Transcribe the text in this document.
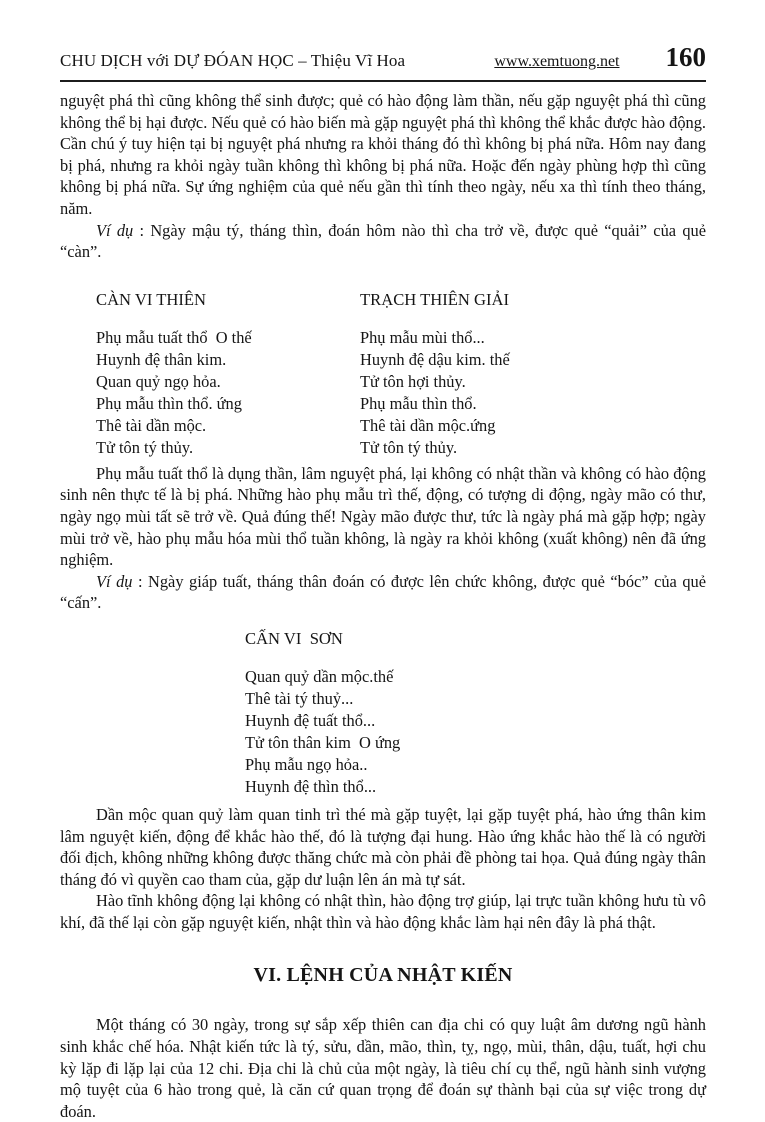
CHU DỊCH với DỰ ĐÓAN HỌC – Thiệu Vĩ Hoa	www.xemtuong.net 160

nguyệt phá thì cũng không thể sinh được; quẻ có hào động làm thần, nếu gặp nguyệt phá thì cũng không thể bị hại được. Nếu quẻ có hào biến mà gặp nguyệt phá thì không thể khắc được hào động. Cần chú ý tuy hiện tại bị nguyệt phá nhưng ra khỏi tháng đó thì không bị phá nữa. Hôm nay đang bị phá, nhưng ra khỏi ngày tuần không thì không bị phá nữa. Hoặc đến ngày phùng hợp thì cũng không bị phá nữa. Sự ứng nghiệm của quẻ nếu gần thì tính theo ngày, nếu xa thì tính theo tháng, năm.

Ví dụ : Ngày mậu tý, tháng thìn, đoán hôm nào thì cha trở về, được quẻ “quải” của quẻ “càn”.

CÀN VI THIÊN
Phụ mẫu tuất thổ  O thế
Huynh đệ thân kim.
Quan quỷ ngọ hỏa.
Phụ mẫu thìn thổ. ứng
Thê tài dần mộc.
Tử tôn tý thủy.
TRẠCH THIÊN GIẢI
Phụ mẫu mùi thổ...
Huynh đệ dậu kim. thế
Tử tôn hợi thủy.
Phụ mẫu thìn thổ.
Thê tài dần mộc.ứng
Tử tôn tý thủy.

Phụ mẫu tuất thổ là dụng thần, lâm nguyệt phá, lại không có nhật thần và không có hào động sinh nên thực tế là bị phá. Những hào phụ mẫu trì thế, động, có tượng di động, ngày mão có thư, ngày ngọ mùi tất sẽ trở về. Quả đúng thế! Ngày mão được thư, tức là ngày phá mà gặp hợp; ngày mùi trở về, hào phụ mẫu hóa mùi thổ tuần không, là ngày ra khỏi không (xuất không) nên đã ứng nghiệm.

Ví dụ : Ngày giáp tuất, tháng thân đoán có được lên chức không, được quẻ “bóc” của quẻ “cấn”.

CẤN VI  SƠN
Quan quỷ dần mộc.thế
Thê tài tý thuỷ...
Huynh đệ tuất thổ...
Tử tôn thân kim  O ứng
Phụ mẫu ngọ hỏa..
Huynh đệ thìn thổ...

Dần mộc quan quỷ làm quan tinh trì thé mà gặp tuyệt, lại gặp tuyệt phá, hào ứng thân kim lâm nguyệt kiến, động để khắc hào thế, đó là tượng đại hung. Hào ứng khắc hào thế là có người đối địch, không những không được thăng chức mà còn phải đề phòng tai họa. Quả đúng ngày thân tháng đó vì quyền cao tham của, gặp dư luận lên án mà tự sát.

Hào tĩnh không động lại không có nhật thìn, hào động trợ giúp, lại trực tuần không hưu tù vô khí, đã thế lại còn gặp nguyệt kiến, nhật thìn và hào động khắc làm hại nên đây là phá thật.

VI. LỆNH CỦA NHẬT KIẾN

Một tháng có 30 ngày, trong sự sắp xếp thiên can địa chi có quy luật âm dương ngũ hành sinh khắc chế hóa. Nhật kiến tức là tý, sửu, dần, mão, thìn, tỵ, ngọ, mùi, thân, dậu, tuất, hợi chu kỳ lặp đi lặp lại của 12 chi. Địa chi là chủ của một ngày, là tiêu chí cụ thể, ngũ hành sinh vượng mộ tuyệt của 6 hào trong quẻ, là căn cứ quan trọng để đoán sự thành bại của sự việc trong dự đoán.
